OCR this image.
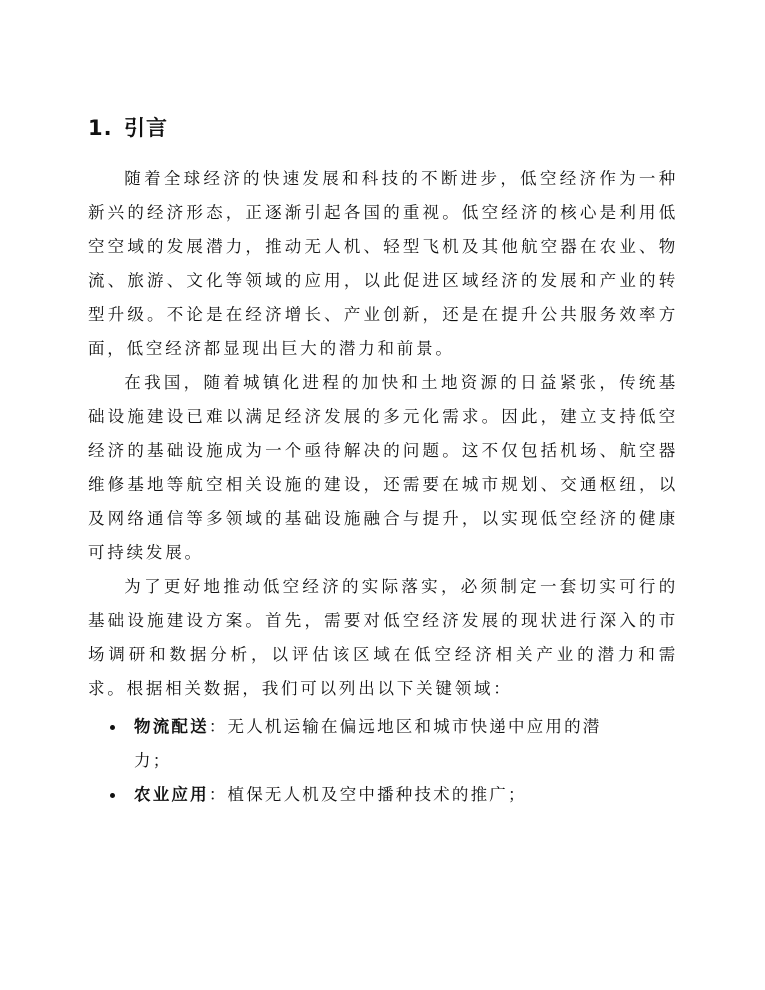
1. 引言

随着全球经济的快速发展和科技的不断进步，低空经济作为一种新兴的经济形态，正逐渐引起各国的重视。低空经济的核心是利用低空空域的发展潜力，推动无人机、轻型飞机及其他航空器在农业、物流、旅游、文化等领域的应用，以此促进区域经济的发展和产业的转型升级。不论是在经济增长、产业创新，还是在提升公共服务效率方面，低空经济都显现出巨大的潜力和前景。

在我国，随着城镇化进程的加快和土地资源的日益紧张，传统基础设施建设已难以满足经济发展的多元化需求。因此，建立支持低空经济的基础设施成为一个亟待解决的问题。这不仅包括机场、航空器维修基地等航空相关设施的建设，还需要在城市规划、交通枢纽，以及网络通信等多领域的基础设施融合与提升，以实现低空经济的健康可持续发展。

为了更好地推动低空经济的实际落实，必须制定一套切实可行的基础设施建设方案。首先，需要对低空经济发展的现状进行深入的市场调研和数据分析，以评估该区域在低空经济相关产业的潜力和需求。根据相关数据，我们可以列出以下关键领域：

物流配送：无人机运输在偏远地区和城市快递中应用的潜力；
农业应用：植保无人机及空中播种技术的推广；
